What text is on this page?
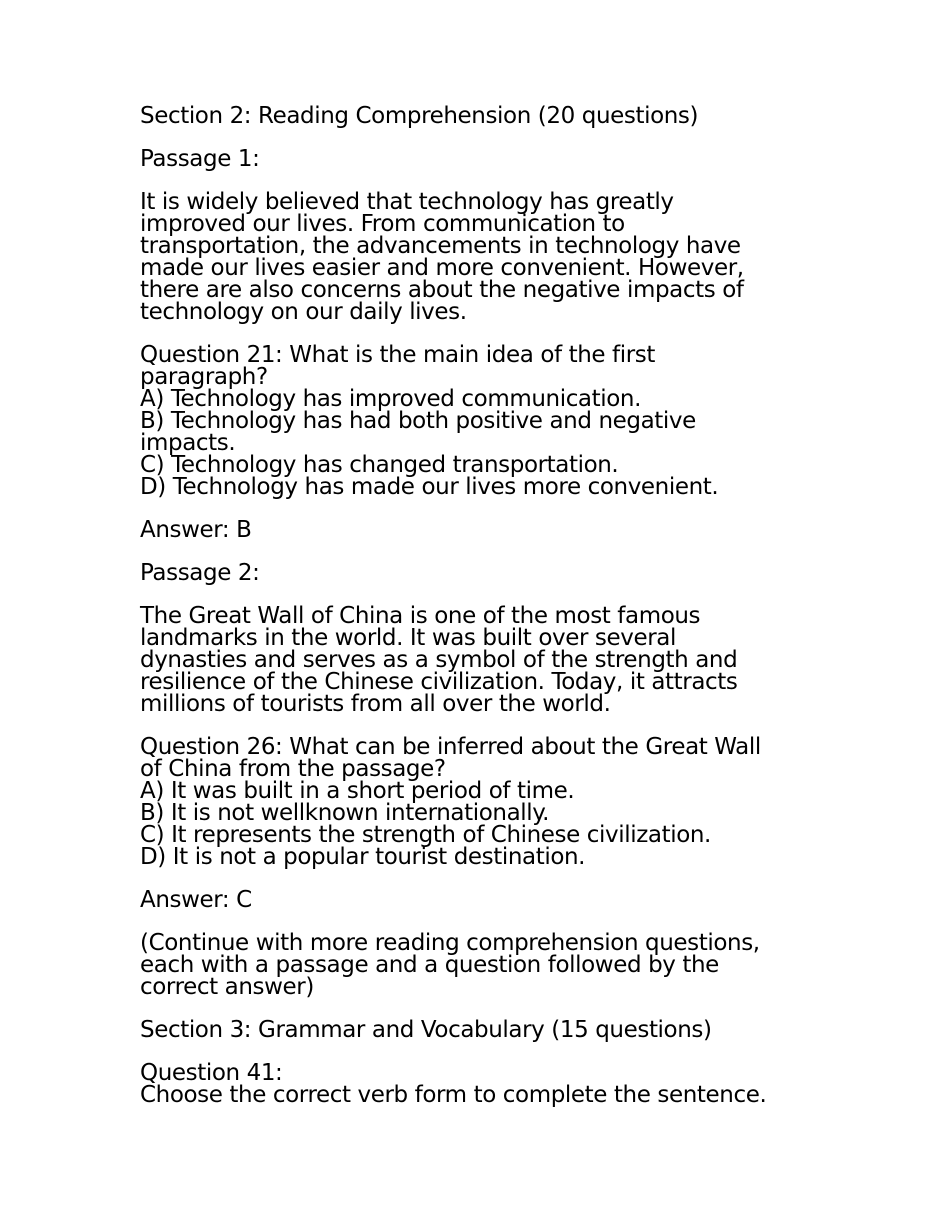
Section 2: Reading Comprehension (20 questions)

Passage 1:

It is widely believed that technology has greatly
improved our lives. From communication to
transportation, the advancements in technology have
made our lives easier and more convenient. However,
there are also concerns about the negative impacts of
technology on our daily lives.
Question 21: What is the main idea of the first
paragraph?
A) Technology has improved communication.
B) Technology has had both positive and negative
impacts.
C) Technology has changed transportation.
D) Technology has made our lives more convenient.

Answer: B

Passage 2:

The Great Wall of China is one of the most famous
landmarks in the world. It was built over several
dynasties and serves as a symbol of the strength and
resilience of the Chinese civilization. Today, it attracts
millions of tourists from all over the world.
Question 26: What can be inferred about the Great Wall
of China from the passage?
A) It was built in a short period of time.
B) It is not wellknown internationally.
C) It represents the strength of Chinese civilization.
D) It is not a popular tourist destination.

Answer: C

(Continue with more reading comprehension questions,
each with a passage and a question followed by the
correct answer)

Section 3: Grammar and Vocabulary (15 questions)

Question 41:
Choose the correct verb form to complete the sentence.
